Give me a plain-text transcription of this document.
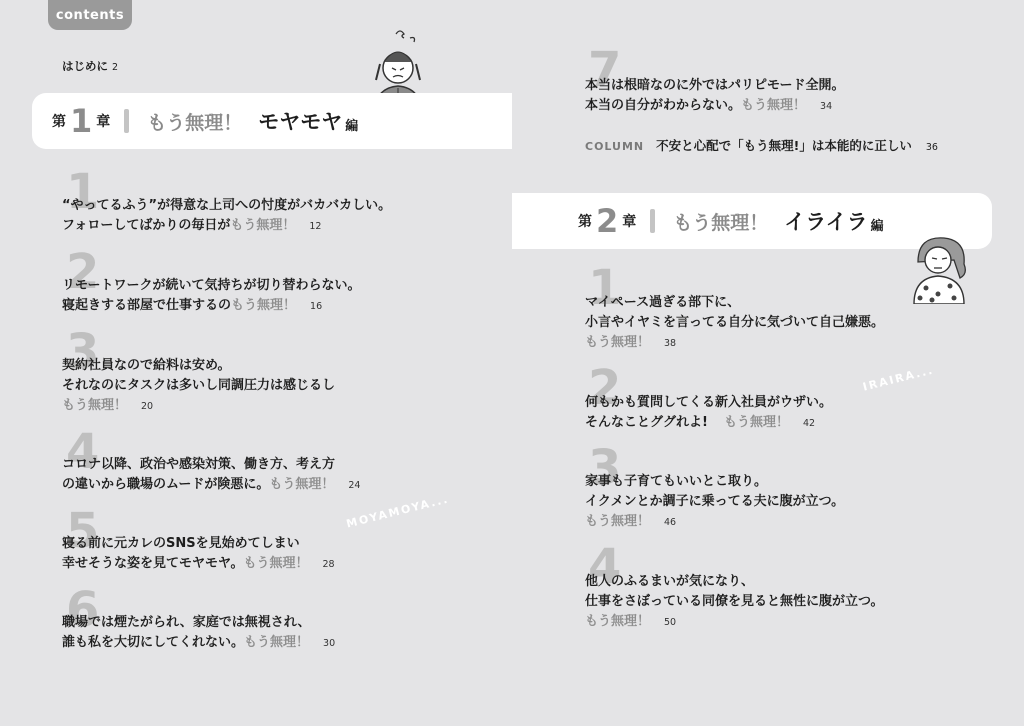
contents
はじめに 2
第 1 章 もう無理！ モヤモヤ 編
1
“やってるふう”が得意な上司への忖度がバカバカしい。
フォローしてばかりの毎日がもう無理！ 12
2
リモートワークが続いて気持ちが切り替わらない。
寝起きする部屋で仕事するのもう無理！ 16
3
契約社員なので給料は安め。
それなのにタスクは多いし同調圧力は感じるし
もう無理！ 20
4
コロナ以降、政治や感染対策、働き方、考え方
の違いから職場のムードが険悪に。もう無理！ 24
MOYAMOYA...
5
寝る前に元カレのSNSを見始めてしまい
幸せそうな姿を見てモヤモヤ。もう無理！ 28
6
職場では煙たがられ、家庭では無視され、
誰も私を大切にしてくれない。もう無理！ 30
7
本当は根暗なのに外ではパリピモード全開。
本当の自分がわからない。もう無理！ 34
COLUMN 不安と心配で「もう無理!」は本能的に正しい 36
第 2 章 もう無理！ イライラ 編
1
マイペース過ぎる部下に、
小言やイヤミを言ってる自分に気づいて自己嫌悪。
もう無理！ 38
IRAIRA...
2
何もかも質問してくる新入社員がウザい。
そんなことググれよ! もう無理！ 42
3
家事も子育てもいいとこ取り。
イクメンとか調子に乗ってる夫に腹が立つ。
もう無理！ 46
4
他人のふるまいが気になり、
仕事をさぼっている同僚を見ると無性に腹が立つ。
もう無理！ 50
